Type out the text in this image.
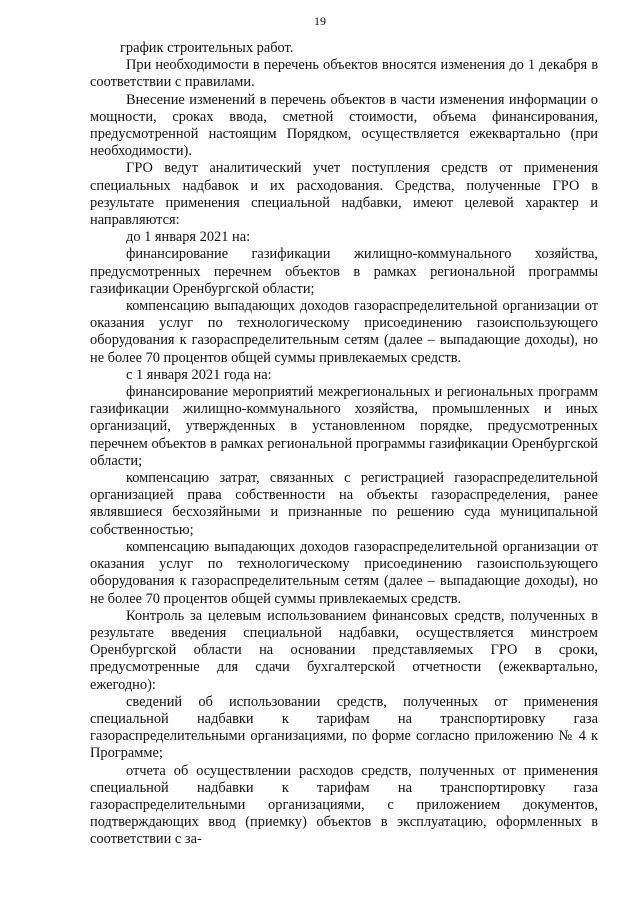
19

график строительных работ.

При необходимости в перечень объектов вносятся изменения до 1 декабря в соответствии с правилами.

Внесение изменений в перечень объектов в части изменения информации о мощности, сроках ввода, сметной стоимости, объема финансирования, предусмотренной настоящим Порядком, осуществляется ежеквартально (при необходимости).

ГРО ведут аналитический учет поступления средств от применения специальных надбавок и их расходования. Средства, полученные ГРО в результате применения специальной надбавки, имеют целевой характер и направляются:

до 1 января 2021 на:

финансирование газификации жилищно-коммунального хозяйства, предусмотренных перечнем объектов в рамках региональной программы газификации Оренбургской области;

компенсацию выпадающих доходов газораспределительной организации от оказания услуг по технологическому присоединению газоиспользующего оборудования к газораспределительным сетям (далее – выпадающие доходы), но не более 70 процентов общей суммы привлекаемых средств.

с 1 января 2021 года на:

финансирование мероприятий межрегиональных и региональных программ газификации жилищно-коммунального хозяйства, промышленных и иных организаций, утвержденных в установленном порядке, предусмотренных перечнем объектов в рамках региональной программы газификации Оренбургской области;

компенсацию затрат, связанных с регистрацией газораспределительной организацией права собственности на объекты газораспределения, ранее являвшиеся бесхозяйными и признанные по решению суда муниципальной собственностью;

компенсацию выпадающих доходов газораспределительной организации от оказания услуг по технологическому присоединению газоиспользующего оборудования к газораспределительным сетям (далее – выпадающие доходы), но не более 70 процентов общей суммы привлекаемых средств.

Контроль за целевым использованием финансовых средств, полученных в результате введения специальной надбавки, осуществляется минстроем Оренбургской области на основании представляемых ГРО в сроки, предусмотренные для сдачи бухгалтерской отчетности (ежеквартально, ежегодно):

сведений об использовании средств, полученных от применения специальной надбавки к тарифам на транспортировку газа газораспределительными организациями, по форме согласно приложению № 4 к Программе;

отчета об осуществлении расходов средств, полученных от применения специальной надбавки к тарифам на транспортировку газа газораспределительными организациями, с приложением документов, подтверждающих ввод (приемку) объектов в эксплуатацию, оформленных в соответствии с за-
